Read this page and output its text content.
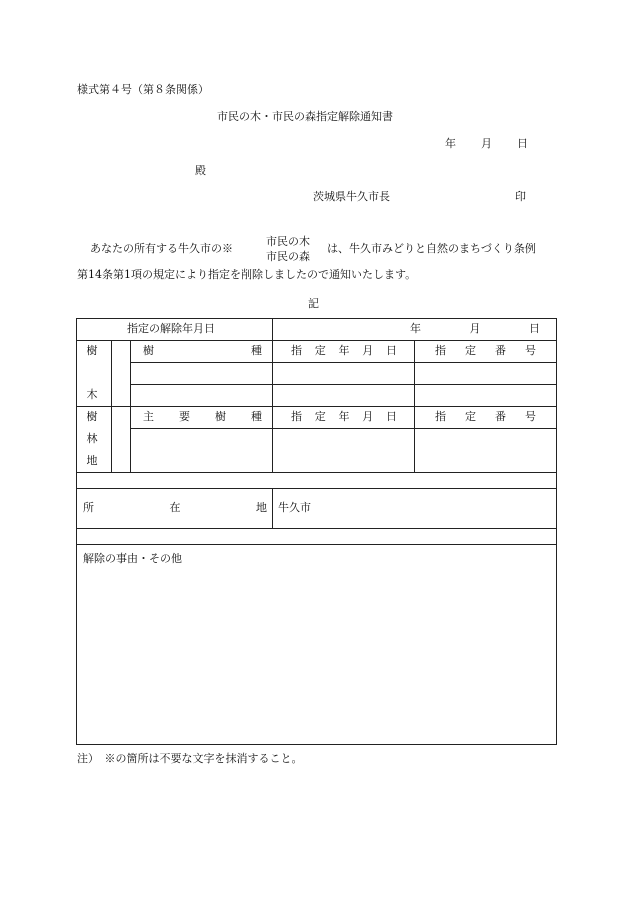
様式第４号（第８条関係）
市民の木・市民の森指定解除通知書
年 月 日
殿
茨城県牛久市長	印
あなたの所有する牛久市の※
市民の木
市民の森
は、牛久市みどりと自然のまちづくり条例
第14条第1項の規定により指定を削除しましたので通知いたします。
記
指定の解除年月日	年	月	日
樹
木
樹	種	指 定 年 月 日	指 定 番 号
樹
林
地
主 要 樹 種	指 定 年 月 日	指 定 番 号
所	在	地 牛久市
解除の事由・その他
注）　※の箇所は不要な文字を抹消すること。
